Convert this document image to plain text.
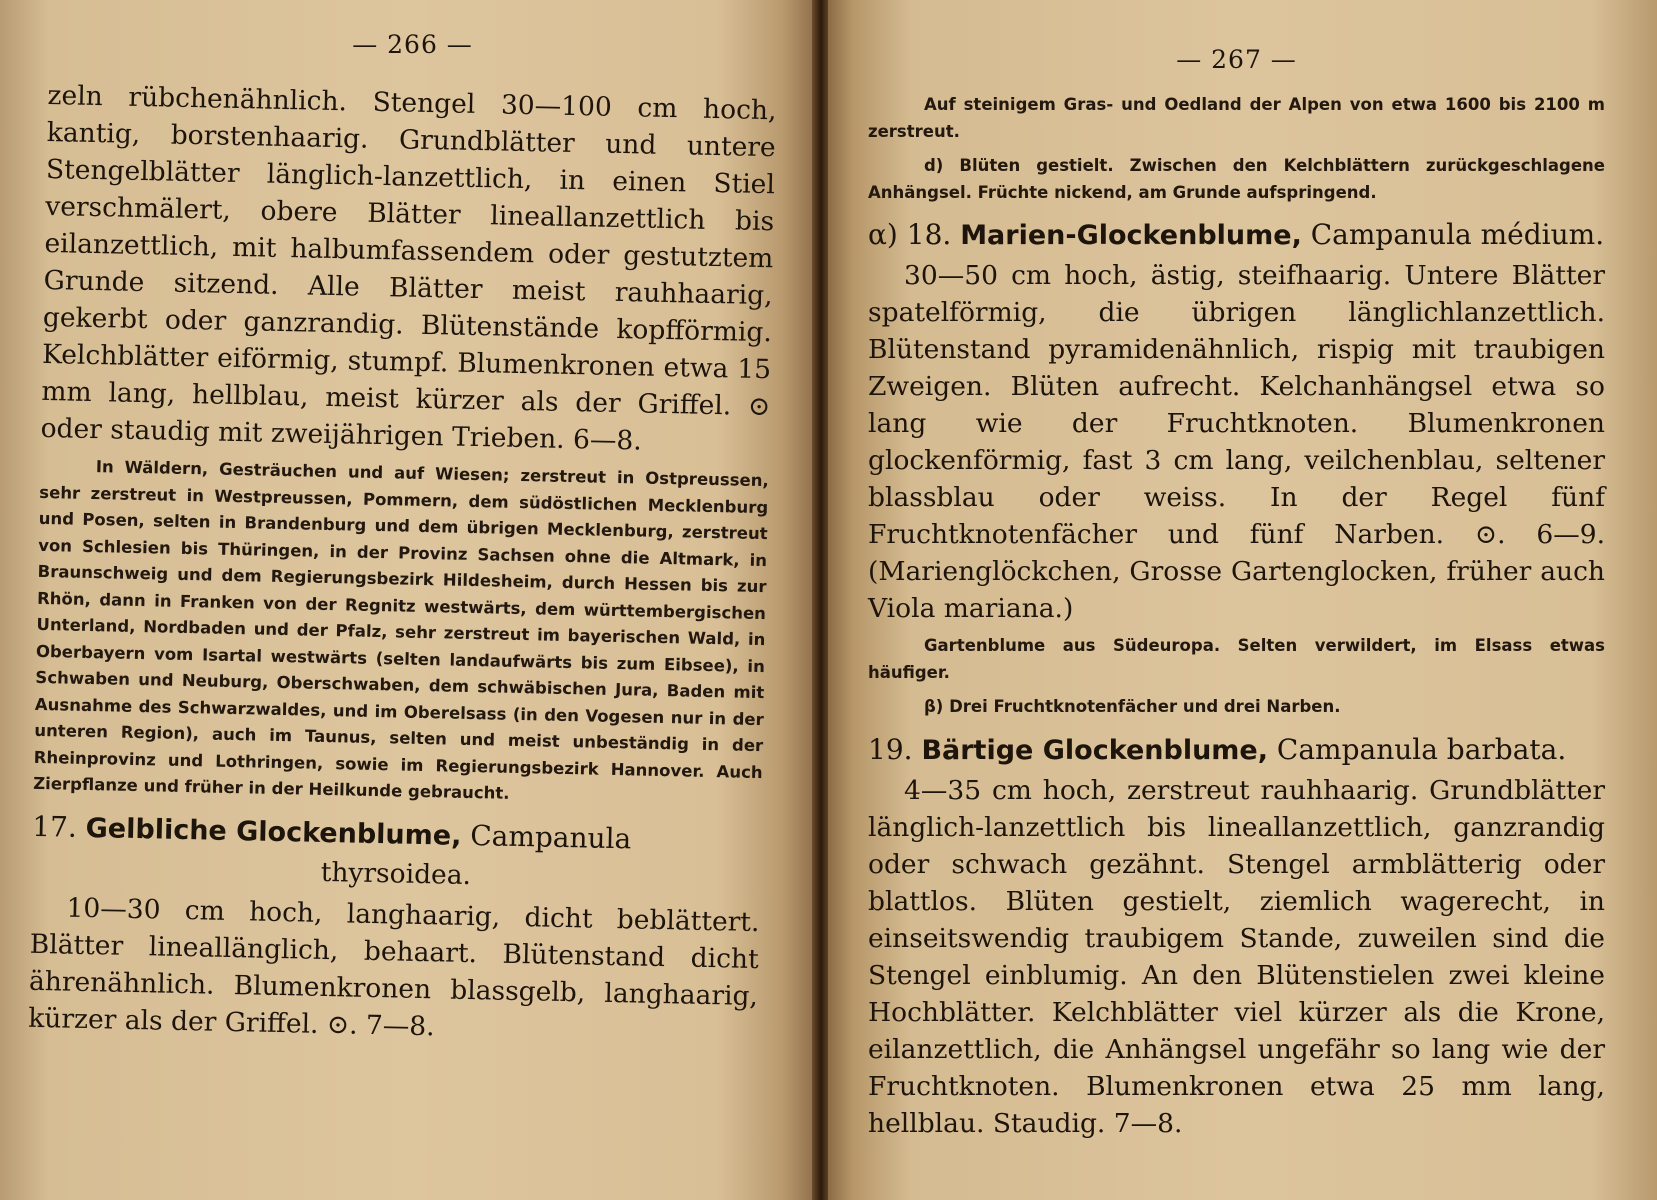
— 266 —

zeln rübchenähnlich. Stengel 30—100 cm hoch, kantig, borstenhaarig. Grundblätter und untere Stengelblätter länglich-lanzettlich, in einen Stiel verschmälert, obere Blätter lineallanzettlich bis eilanzettlich, mit halbumfassendem oder gestutztem Grunde sitzend. Alle Blätter meist rauhhaarig, gekerbt oder ganzrandig. Blütenstände kopfförmig. Kelchblätter eiförmig, stumpf. Blumenkronen etwa 15 mm lang, hellblau, meist kürzer als der Griffel. ⊙ oder staudig mit zweijährigen Trieben. 6—8.

In Wäldern, Gesträuchen und auf Wiesen; zerstreut in Ostpreussen, sehr zerstreut in Westpreussen, Pommern, dem südöstlichen Mecklenburg und Posen, selten in Brandenburg und dem übrigen Mecklenburg, zerstreut von Schlesien bis Thüringen, in der Provinz Sachsen ohne die Altmark, in Braunschweig und dem Regierungsbezirk Hildesheim, durch Hessen bis zur Rhön, dann in Franken von der Regnitz westwärts, dem württembergischen Unterland, Nordbaden und der Pfalz, sehr zerstreut im bayerischen Wald, in Oberbayern vom Isartal westwärts (selten landaufwärts bis zum Eibsee), in Schwaben und Neuburg, Oberschwaben, dem schwäbischen Jura, Baden mit Ausnahme des Schwarzwaldes, und im Oberelsass (in den Vogesen nur in der unteren Region), auch im Taunus, selten und meist unbeständig in der Rheinprovinz und Lothringen, sowie im Regierungsbezirk Hannover. Auch Zierpflanze und früher in der Heilkunde gebraucht.

17. Gelbliche Glockenblume, Campanula
thyrsoidea.

10—30 cm hoch, langhaarig, dicht beblättert. Blätter lineallänglich, behaart. Blütenstand dicht ährenähnlich. Blumenkronen blassgelb, langhaarig, kürzer als der Griffel. ⊙. 7—8.

— 267 —

Auf steinigem Gras- und Oedland der Alpen von etwa 1600 bis 2100 m zerstreut.

d) Blüten gestielt. Zwischen den Kelchblättern zurückgeschlagene Anhängsel. Früchte nickend, am Grunde aufspringend.

α) 18. Marien-Glockenblume, Campanula médium.

30—50 cm hoch, ästig, steifhaarig. Untere Blätter spatelförmig, die übrigen länglichlanzettlich. Blütenstand pyramidenähnlich, rispig mit traubigen Zweigen. Blüten aufrecht. Kelchanhängsel etwa so lang wie der Fruchtknoten. Blumenkronen glockenförmig, fast 3 cm lang, veilchenblau, seltener blassblau oder weiss. In der Regel fünf Fruchtknotenfächer und fünf Narben. ⊙. 6—9. (Marienglöckchen, Grosse Gartenglocken, früher auch Viola mariana.)

Gartenblume aus Südeuropa. Selten verwildert, im Elsass etwas häufiger.

β) Drei Fruchtknotenfächer und drei Narben.

19. Bärtige Glockenblume, Campanula barbata.

4—35 cm hoch, zerstreut rauhhaarig. Grundblätter länglich-lanzettlich bis lineallanzettlich, ganzrandig oder schwach gezähnt. Stengel armblätterig oder blattlos. Blüten gestielt, ziemlich wagerecht, in einseitswendig traubigem Stande, zuweilen sind die Stengel einblumig. An den Blütenstielen zwei kleine Hochblätter. Kelchblätter viel kürzer als die Krone, eilanzettlich, die Anhängsel ungefähr so lang wie der Fruchtknoten. Blumenkronen etwa 25 mm lang, hellblau. Staudig. 7—8.
